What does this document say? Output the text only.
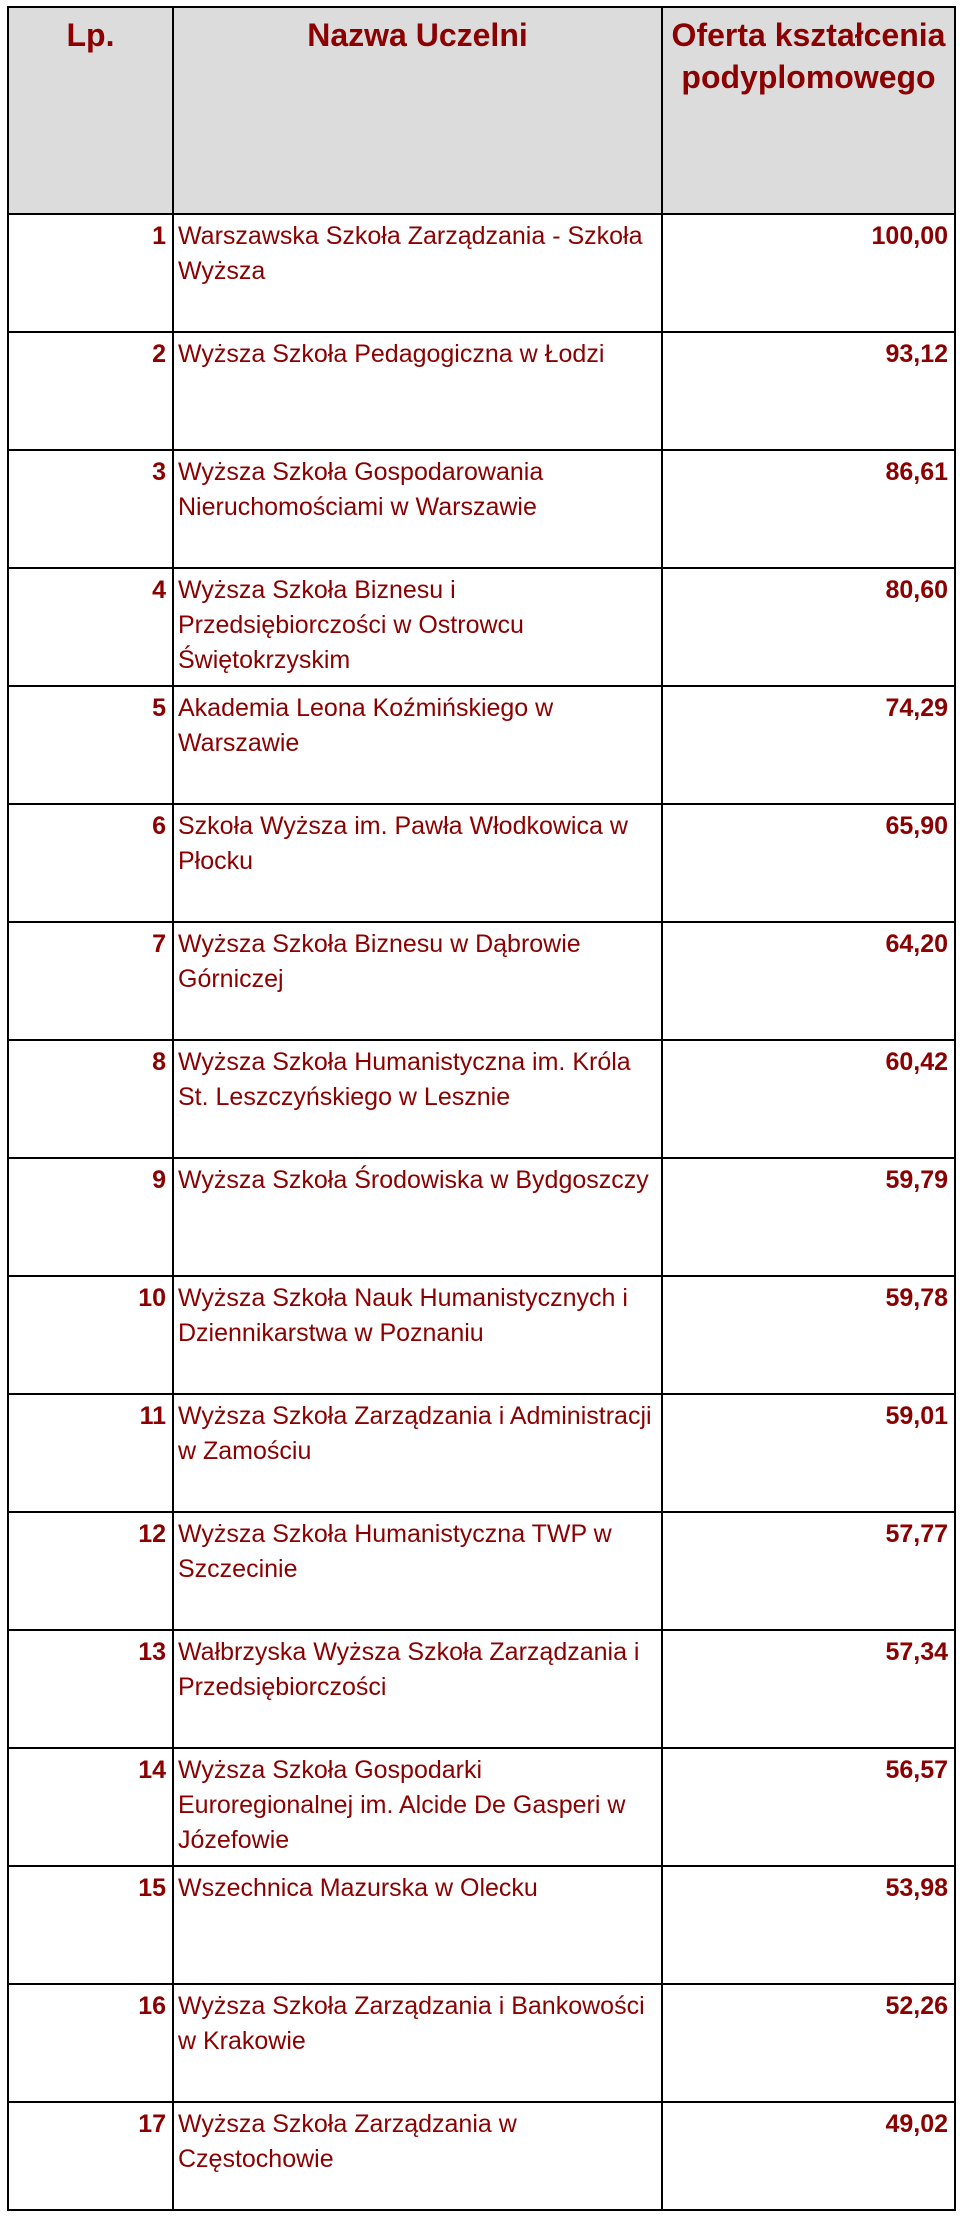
Lp.	Nazwa Uczelni	Oferta kształcenia podyplomowego
1	Warszawska Szkoła Zarządzania - Szkoła Wyższa	100,00
2	Wyższa Szkoła Pedagogiczna w Łodzi	93,12
3	Wyższa Szkoła Gospodarowania Nieruchomościami w Warszawie	86,61
4	Wyższa Szkoła Biznesu i Przedsiębiorczości w Ostrowcu Świętokrzyskim	80,60
5	Akademia Leona Koźmińskiego w Warszawie	74,29
6	Szkoła Wyższa im. Pawła Włodkowica w Płocku	65,90
7	Wyższa Szkoła Biznesu w Dąbrowie Górniczej	64,20
8	Wyższa Szkoła Humanistyczna im. Króla St. Leszczyńskiego w Lesznie	60,42
9	Wyższa Szkoła Środowiska w Bydgoszczy	59,79
10	Wyższa Szkoła Nauk Humanistycznych i Dziennikarstwa w Poznaniu	59,78
11	Wyższa Szkoła Zarządzania i Administracji w Zamościu	59,01
12	Wyższa Szkoła Humanistyczna TWP w Szczecinie	57,77
13	Wałbrzyska Wyższa Szkoła Zarządzania i Przedsiębiorczości	57,34
14	Wyższa Szkoła Gospodarki Euroregionalnej im. Alcide De Gasperi w Józefowie	56,57
15	Wszechnica Mazurska w Olecku	53,98
16	Wyższa Szkoła Zarządzania i Bankowości w Krakowie	52,26
17	Wyższa Szkoła Zarządzania w Częstochowie	49,02
